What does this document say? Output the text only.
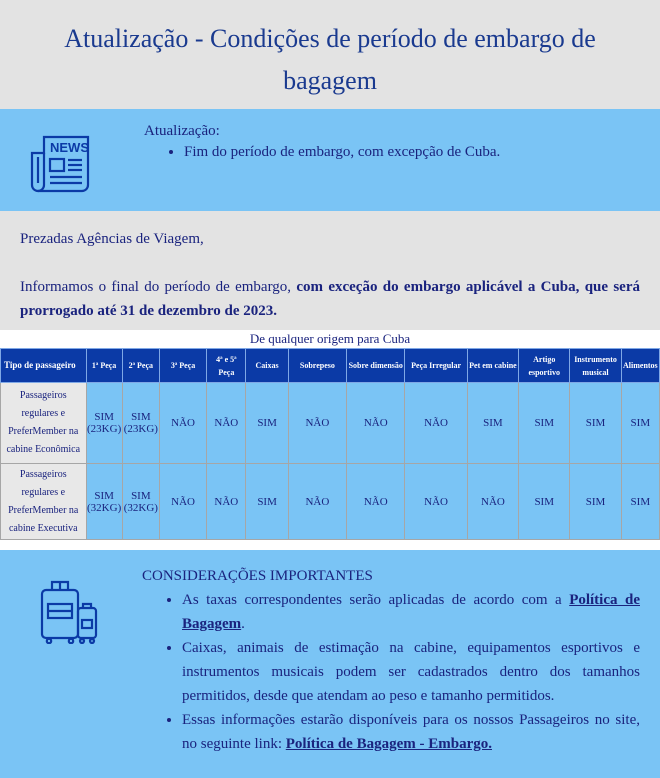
Atualização - Condições de período de embargo de bagagem
NEWS
Atualização:
• Fim do período de embargo, com excepção de Cuba.

Prezadas Agências de Viagem,

Informamos o final do período de embargo, com exceção do embargo aplicável a Cuba, que será prorrogado até 31 de dezembro de 2023.

De qualquer origem para Cuba
Tipo de passageiro	1ª Peça	2ª Peça	3ª Peça	4ª e 5ª Peça	Caixas	Sobrepeso	Sobre dimensão	Peça Irregular	Pet em cabine	Artigo esportivo	Instrumento musical	Alimentos
Passageiros regulares e PreferMember na cabine Econômica	SIM (23KG)	SIM (23KG)	NÃO	NÃO	SIM	NÃO	NÃO	NÃO	SIM	SIM	SIM	SIM
Passageiros regulares e PreferMember na cabine Executiva	SIM (32KG)	SIM (32KG)	NÃO	NÃO	SIM	NÃO	NÃO	NÃO	NÃO	SIM	SIM	SIM

CONSIDERAÇÕES IMPORTANTES

• As taxas correspondentes serão aplicadas de acordo com a Política de Bagagem.
• Caixas, animais de estimação na cabine, equipamentos esportivos e instrumentos musicais podem ser cadastrados dentro dos tamanhos permitidos, desde que atendam ao peso e tamanho permitidos.
• Essas informações estarão disponíveis para os nossos Passageiros no site, no seguinte link: Política de Bagagem - Embargo.
